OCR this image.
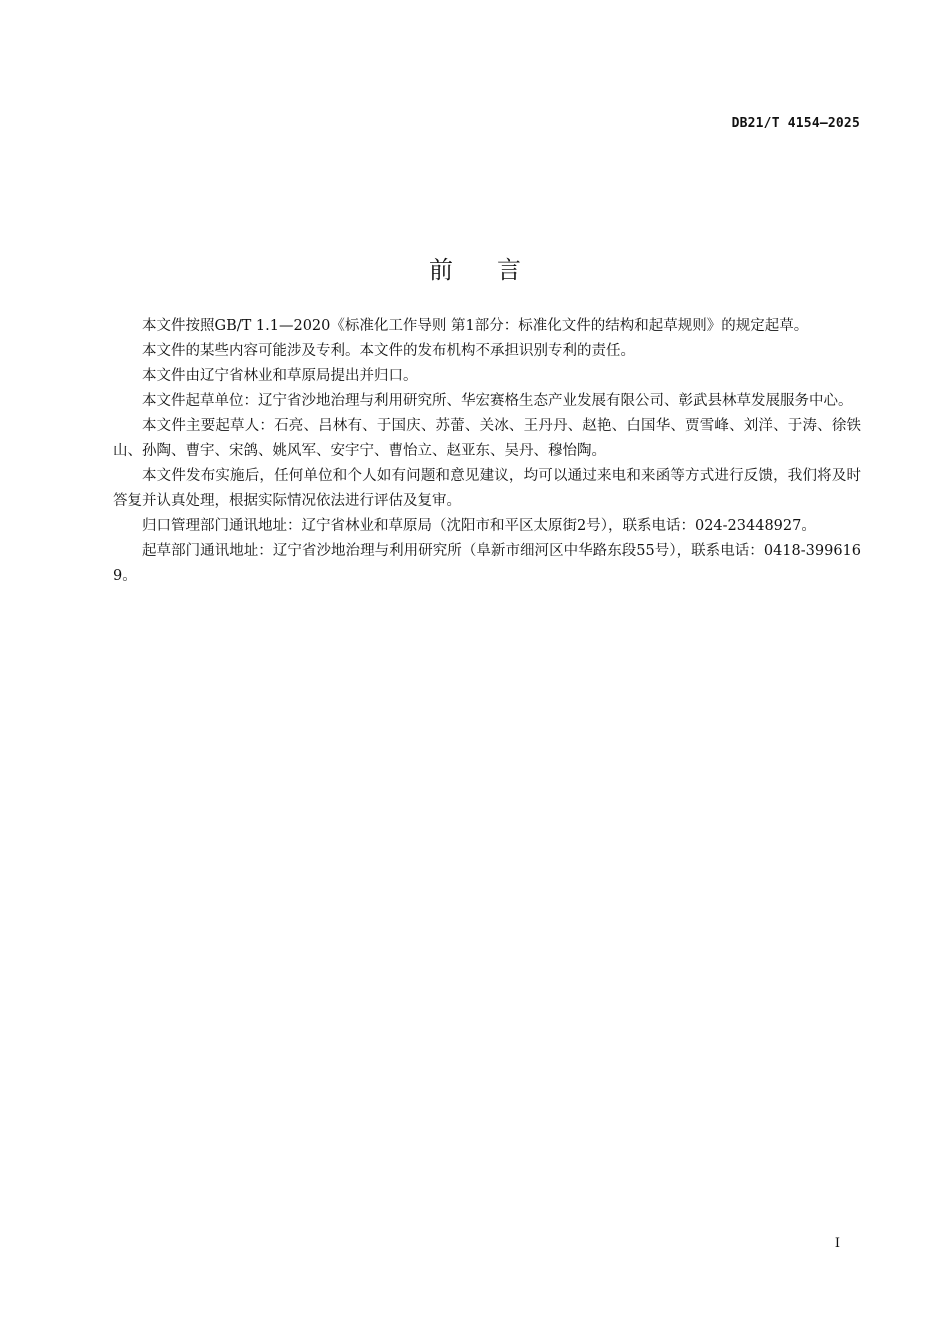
DB21/T 4154—2025
前言

本文件按照GB/T 1.1—2020《标准化工作导则 第1部分：标准化文件的结构和起草规则》的规定起草。

本文件的某些内容可能涉及专利。本文件的发布机构不承担识别专利的责任。

本文件由辽宁省林业和草原局提出并归口。

本文件起草单位：辽宁省沙地治理与利用研究所、华宏赛格生态产业发展有限公司、彰武县林草发展服务中心。

本文件主要起草人：石亮、吕林有、于国庆、苏蕾、关冰、王丹丹、赵艳、白国华、贾雪峰、刘洋、于涛、徐铁山、孙陶、曹宇、宋鸽、姚风军、安宇宁、曹怡立、赵亚东、吴丹、穆怡陶。

本文件发布实施后，任何单位和个人如有问题和意见建议，均可以通过来电和来函等方式进行反馈，我们将及时答复并认真处理，根据实际情况依法进行评估及复审。

归口管理部门通讯地址：辽宁省林业和草原局（沈阳市和平区太原街2号），联系电话：024-23448927。

起草部门通讯地址：辽宁省沙地治理与利用研究所（阜新市细河区中华路东段55号），联系电话：0418-3996169。

I
